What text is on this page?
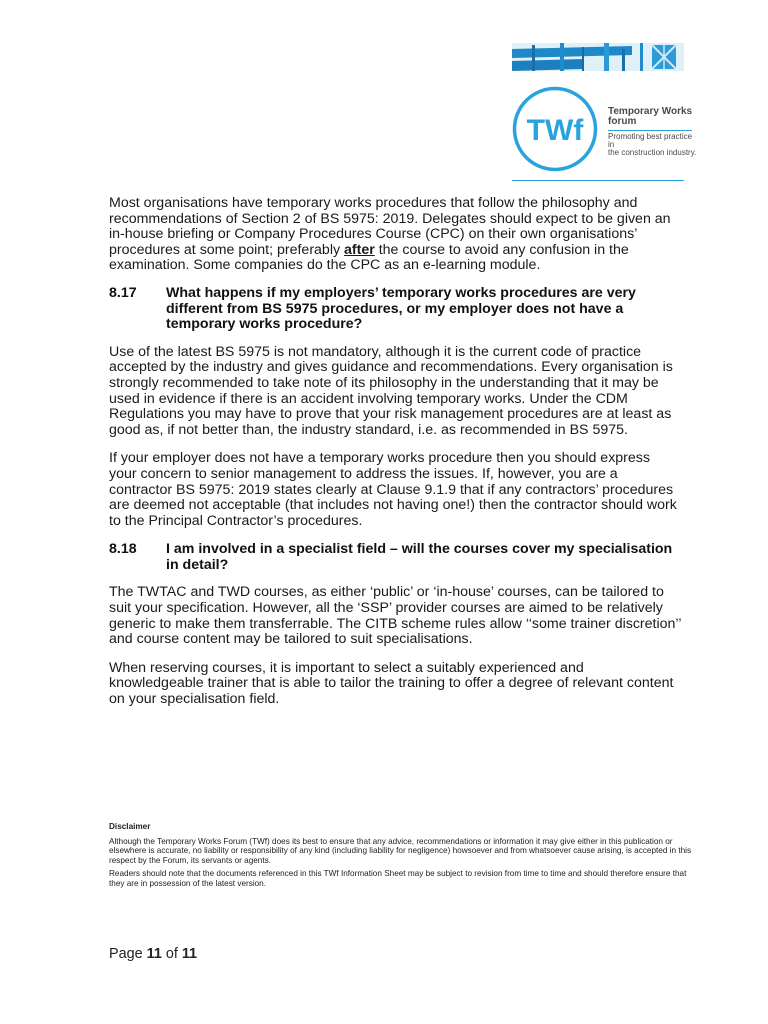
TWf
Temporary Works
forum
Promoting best practice in
the construction industry.

Most organisations have temporary works procedures that follow the philosophy and recommendations of Section 2 of BS 5975: 2019. Delegates should expect to be given an in-house briefing or Company Procedures Course (CPC) on their own organisations’ procedures at some point; preferably after the course to avoid any confusion in the examination. Some companies do the CPC as an e-learning module.

8.17	What happens if my employers’ temporary works procedures are very different from BS 5975 procedures, or my employer does not have a temporary works procedure?

Use of the latest BS 5975 is not mandatory, although it is the current code of practice accepted by the industry and gives guidance and recommendations. Every organisation is strongly recommended to take note of its philosophy in the understanding that it may be used in evidence if there is an accident involving temporary works. Under the CDM Regulations you may have to prove that your risk management procedures are at least as good as, if not better than, the industry standard, i.e. as recommended in BS 5975.

If your employer does not have a temporary works procedure then you should express your concern to senior management to address the issues. If, however, you are a contractor BS 5975: 2019 states clearly at Clause 9.1.9 that if any contractors’ procedures are deemed not acceptable (that includes not having one!) then the contractor should work to the Principal Contractor’s procedures.

8.18	I am involved in a specialist field – will the courses cover my specialisation in detail?

The TWTAC and TWD courses, as either ‘public’ or ‘in-house’ courses, can be tailored to suit your specification. However, all the ‘SSP’ provider courses are aimed to be relatively generic to make them transferrable. The CITB scheme rules allow ‘‘some trainer discretion’’ and course content may be tailored to suit specialisations.

When reserving courses, it is important to select a suitably experienced and knowledgeable trainer that is able to tailor the training to offer a degree of relevant content on your specialisation field.

Disclaimer

Although the Temporary Works Forum (TWf) does its best to ensure that any advice, recommendations or information it may give either in this publication or elsewhere is accurate, no liability or responsibility of any kind (including liability for negligence) howsoever and from whatsoever cause arising, is accepted in this respect by the Forum, its servants or agents.

Readers should note that the documents referenced in this TWf Information Sheet may be subject to revision from time to time and should therefore ensure that they are in possession of the latest version.

Page 11 of 11
